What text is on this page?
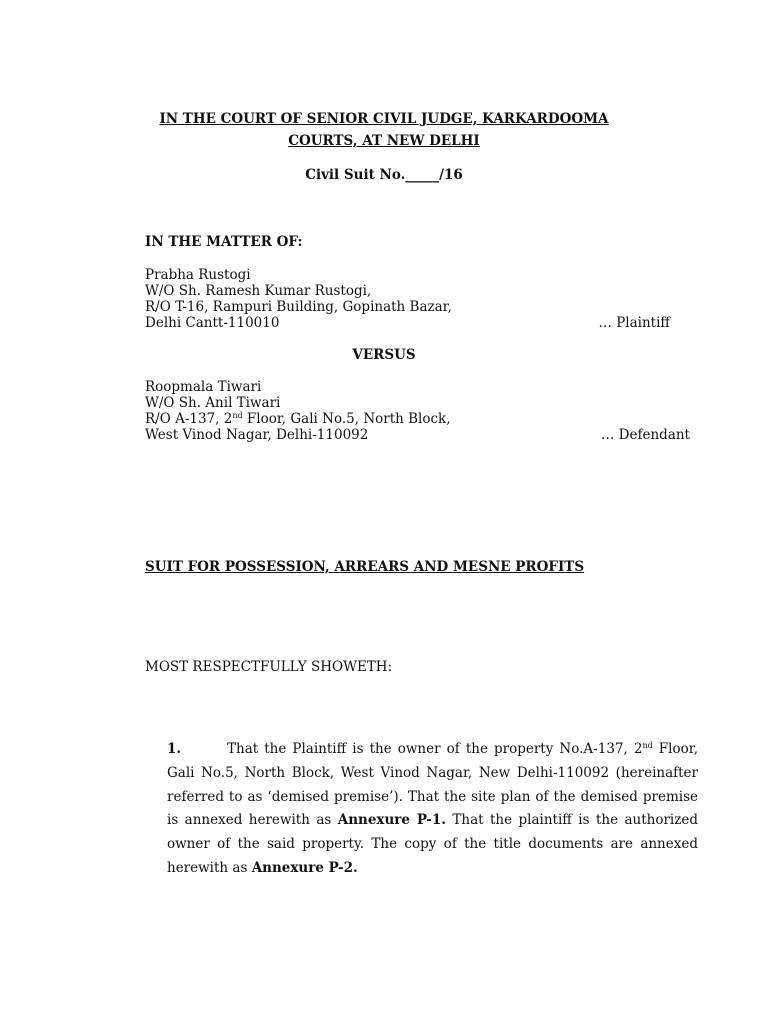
IN THE COURT OF SENIOR CIVIL JUDGE, KARKARDOOMA
COURTS, AT NEW DELHI
Civil Suit No._____/16
IN THE MATTER OF:
Prabha Rustogi
W/O Sh. Ramesh Kumar Rustogi,
R/O T-16, Rampuri Building, Gopinath Bazar,
Delhi Cantt-110010	… Plaintiff
VERSUS
Roopmala Tiwari
W/O Sh. Anil Tiwari
R/O A-137, 2nd Floor, Gali No.5, North Block,
West Vinod Nagar, Delhi-110092	… Defendant
SUIT FOR POSSESSION, ARREARS AND MESNE PROFITS
MOST RESPECTFULLY SHOWETH:
1.	That the Plaintiff is the owner of the property No.A-137, 2nd Floor, Gali No.5, North Block, West Vinod Nagar, New Delhi-110092 (hereinafter referred to as ‘demised premise’). That the site plan of the demised premise is annexed herewith as Annexure P-1. That the plaintiff is the authorized owner of the said property. The copy of the title documents are annexed herewith as Annexure P-2.
